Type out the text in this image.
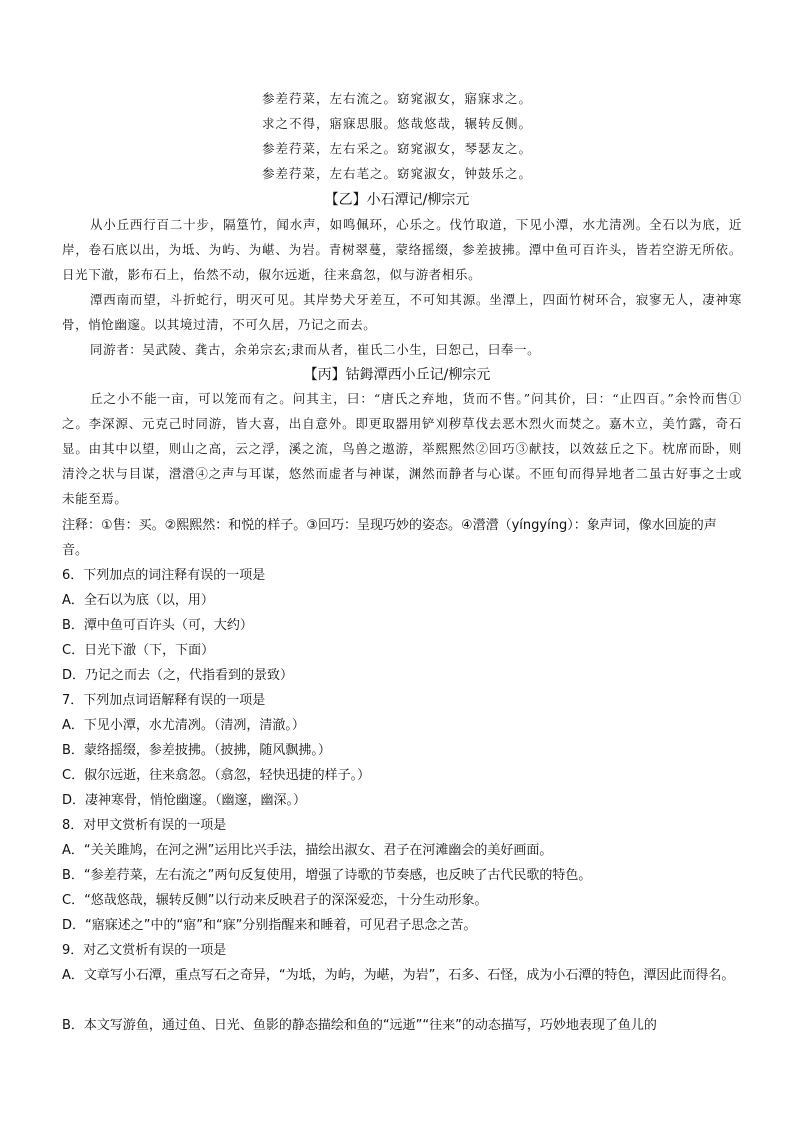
参差荇菜，左右流之。窈窕淑女，寤寐求之。
求之不得，寤寐思服。悠哉悠哉，辗转反侧。
参差荇菜，左右采之。窈窕淑女，琴瑟友之。
参差荇菜，左右芼之。窈窕淑女，钟鼓乐之。
【乙】小石潭记/柳宗元
从小丘西行百二十步，隔篁竹，闻水声，如鸣佩环，心乐之。伐竹取道，下见小潭，水尤清冽。全石以为底，近岸，卷石底以出，为坻、为屿、为嵁、为岩。青树翠蔓，蒙络摇缀，参差披拂。潭中鱼可百许头，皆若空游无所依。日光下澈，影布石上，佁然不动，俶尔远逝，往来翕忽，似与游者相乐。
潭西南而望，斗折蛇行，明灭可见。其岸势犬牙差互，不可知其源。坐潭上，四面竹树环合，寂寥无人，凄神寒骨，悄怆幽邃。以其境过清，不可久居，乃记之而去。
同游者：吴武陵、龚古，余弟宗玄;隶而从者，崔氏二小生，曰恕己，曰奉一。
【丙】钴鉧潭西小丘记/柳宗元
丘之小不能一亩，可以笼而有之。问其主，曰：“唐氏之弃地，货而不售。”问其价，曰：“止四百。”余怜而售①之。李深源、元克己时同游，皆大喜，出自意外。即更取器用铲刈秽草伐去恶木烈火而焚之。嘉木立，美竹露，奇石显。由其中以望，则山之高，云之浮，溪之流，鸟兽之遨游，举熙熙然②回巧③献技，以效兹丘之下。枕席而卧，则清泠之状与目谋，瀯瀯④之声与耳谋，悠然而虚者与神谋，渊然而静者与心谋。不匝旬而得异地者二虽古好事之士或未能至焉。
注释：①售：买。②熙熙然：和悦的样子。③回巧：呈现巧妙的姿态。④瀯瀯（yíngyíng）：象声词，像水回旋的声音。
6．下列加点的词注释有误的一项是
A．全石以为底（以，用）
B．潭中鱼可百许头（可，大约）
C．日光下澈（下，下面）
D．乃记之而去（之，代指看到的景致）
7．下列加点词语解释有误的一项是
A．下见小潭，水尤清冽。（清冽，清澈。）
B．蒙络摇缀，参差披拂。（披拂，随风飘拂。）
C．俶尔远逝，往来翕忽。（翕忽，轻快迅捷的样子。）
D．凄神寒骨，悄怆幽邃。（幽邃，幽深。）
8．对甲文赏析有误的一项是
A．“关关雎鸠，在河之洲”运用比兴手法，描绘出淑女、君子在河滩幽会的美好画面。
B．“参差荇菜，左右流之”两句反复使用，增强了诗歌的节奏感，也反映了古代民歌的特色。
C．“悠哉悠哉，辗转反侧”以行动来反映君子的深深爱恋，十分生动形象。
D．“寤寐述之”中的“寤”和“寐”分别指醒来和睡着，可见君子思念之苦。
9．对乙文赏析有误的一项是
A．文章写小石潭，重点写石之奇异，“为坻，为屿，为嵁，为岩”，石多、石怪，成为小石潭的特色，潭因此而得名。
B．本文写游鱼，通过鱼、日光、鱼影的静态描绘和鱼的“远逝”“往来”的动态描写，巧妙地表现了鱼儿的
